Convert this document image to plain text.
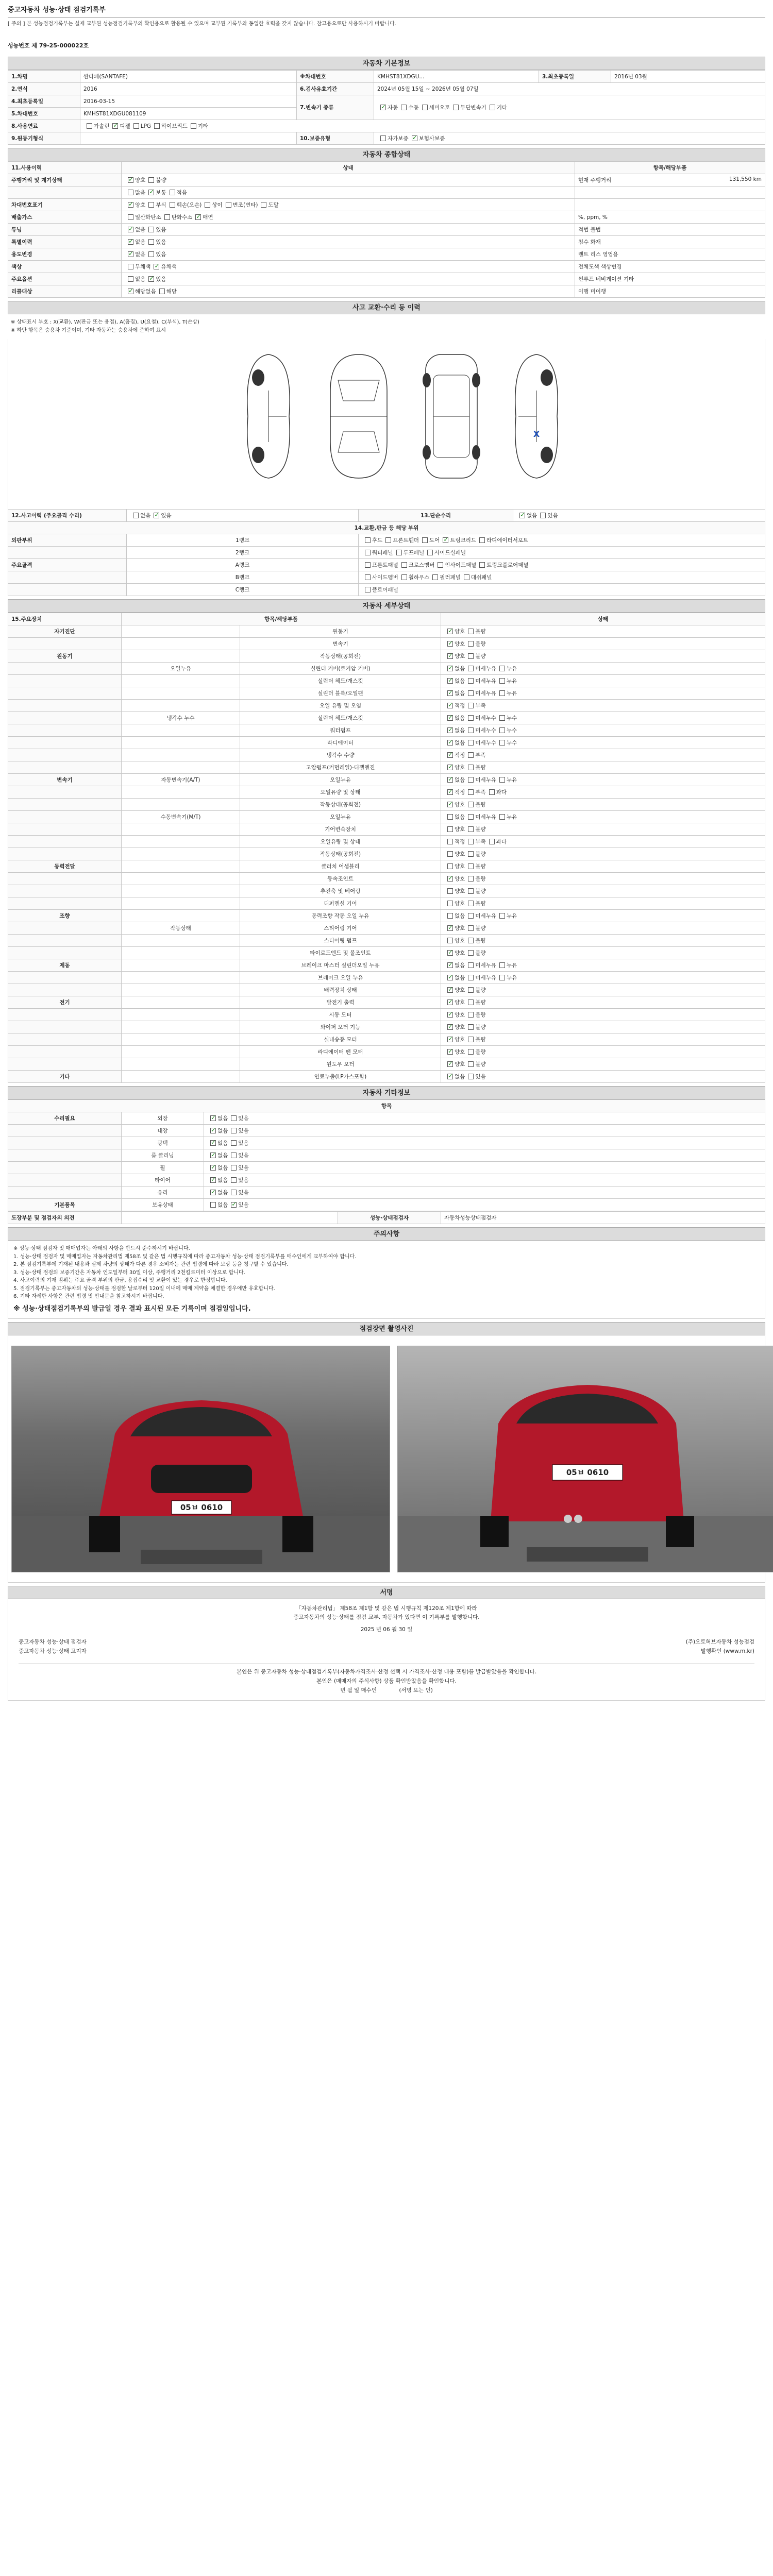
중고자동차 성능·상태 점검기록부
[ 주의 ] 본 성능점검기록부는 실제 교부된 성능점검기록부의 확인용으로 활용될 수 있으며 교부된 기록부와 동일한 효력을 갖지 않습니다. 참고용으로만 사용하시기 바랍니다.
성능번호 제 79-25-000022호
자동차 기본정보
1.차명	싼타페(SANTAFE)	※차대번호	KMHST81XDGU...	3.최초등록일	2016년 03월
2.연식	2016	6.검사유효기간	2024년 05월 15일 ~ 2026년 05월 07일		
4.최초등록일	2016-03-15	7.변속기 종류	✓자동 수동 세미오토 무단변속기 기타
5.차대번호	KMHST81XDGU081109				
8.사용연료	가솔린 ✓ 디젤 LPG 하이브리드 기타
9.원동기형식		10.보증유형	자가보증 ✓ 보험사보증
자동차 종합상태
11.사용이력	상태	항목/해당부품
주행거리 및 계기상태	✓양호 불량	현재 주행거리 131,550 km

	많음 ✓ 보통 적음	

차대번호표기	✓양호 부식 훼손(오손) 상이 변조(변타) 도말	

배출가스	일산화탄소 탄화수소 ✓ 매연	%, ppm, %

튜닝	✓없음 있음	적법 불법

특별이력	✓없음 있음	침수 화재

용도변경	✓없음 있음	렌트 리스 영업용

색상	무채색 ✓ 유채색	전체도색 색상변경

주요옵션	없음 ✓ 있음	썬루프 네비게이션 기타

리콜대상	✓해당없음 해당	이행 미이행
사고 교환·수리 등 이력
※ 상태표시 부호 : X(교환), W(판금 또는 용접), A(흠집), U(요철), C(부식), T(손상)
※ 하단 항목은 승용차 기준이며, 기타 자동차는 승용차에 준하여 표시
X
12.사고이력 (주요골격 수리)	없음 ✓ 있음	13.단순수리	✓없음 있음
14.교환,판금 등 해당 부위			
외판부위	1랭크	후드 프론트휀더 도어 ✓ 트렁크리드 라디에이터서포트
	2랭크	쿼터패널 루프패널 사이드실패널	
주요골격	A랭크	프론트패널 크로스멤버 인사이드패널 트렁크플로어패널	
	B랭크	사이드멤버 휠하우스 필러패널 대쉬패널	
	C랭크	플로어패널	
자동차 세부상태
15.주요장치	항목/해당부품		상태
자기진단		원동기	✓양호 불량
		변속기	✓양호 불량
원동기		작동상태(공회전)	✓양호 불량
	오일누유	실린더 커버(로커암 커버)	✓없음 미세누유 누유
		실린더 헤드/개스킷	✓없음 미세누유 누유
		실린더 블록/오일팬	✓없음 미세누유 누유
		오일 유량 및 오염	✓적정 부족
	냉각수 누수	실린더 헤드/개스킷	✓없음 미세누수 누수
		워터펌프	✓없음 미세누수 누수
		라디에이터	✓없음 미세누수 누수
		냉각수 수량	✓적정 부족
		고압펌프(커먼레일)-디젤엔진	✓양호 불량
변속기	자동변속기(A/T)	오일누유	✓없음 미세누유 누유
		오일유량 및 상태	✓적정 부족 과다
		작동상태(공회전)	✓양호 불량
	수동변속기(M/T)	오일누유	없음 미세누유 누유
		기어변속장치	양호 불량
		오일유량 및 상태	적정 부족 과다
		작동상태(공회전)	양호 불량
동력전달		클러치 어셈블리	양호 불량
		등속조인트	✓양호 불량
		추진축 및 베어링	양호 불량
		디퍼렌셜 기어	양호 불량
조향		동력조향 작동 오일 누유	없음 미세누유 누유
	작동상태	스티어링 기어	✓양호 불량
		스티어링 펌프	양호 불량
		타이로드엔드 및 볼조인트	✓양호 불량
제동		브레이크 마스터 실린더오일 누유	✓없음 미세누유 누유
		브레이크 오일 누유	✓없음 미세누유 누유
		배력장치 상태	✓양호 불량
전기		발전기 출력	✓양호 불량
		시동 모터	✓양호 불량
		와이퍼 모터 기능	✓양호 불량
		실내송풍 모터	✓양호 불량
		라디에이터 팬 모터	✓양호 불량
		윈도우 모터	✓양호 불량
기타		연료누출(LP가스포함)	✓없음 있음
자동차 기타정보
항목		
수리필요	외장	✓없음 있음
	내장	✓없음 있음
	광택	✓없음 있음
	룸 클리닝	✓없음 있음
	휠	✓없음 있음
	타이어	✓없음 있음
	유리	✓없음 있음
기본품목	보유상태	없음 ✓ 있음
도장부분 및 점검자의 의견		성능·상태점검자	자동차성능상태점검자
주의사항
※ 성능·상태 점검자 및 매매업자는 아래의 사항을 반드시 준수하시기 바랍니다.
1. 성능·상태 점검자 및 매매업자는 자동차관리법 제58조 및 같은 법 시행규칙에 따라 중고자동차 성능·상태 점검기록부를 매수인에게 교부하여야 합니다.
2. 본 점검기록부에 기재된 내용과 실제 차량의 상태가 다른 경우 소비자는 관련 법령에 따라 보상 등을 청구할 수 있습니다.
3. 성능·상태 점검의 보증기간은 자동차 인도일부터 30일 이상, 주행거리 2천킬로미터 이상으로 합니다.
4. 사고이력의 기재 범위는 주요 골격 부위의 판금, 용접수리 및 교환이 있는 경우로 한정합니다.
5. 점검기록부는 중고자동차의 성능·상태를 점검한 날로부터 120일 이내에 매매 계약을 체결한 경우에만 유효합니다.
6. 기타 자세한 사항은 관련 법령 및 안내문을 참고하시기 바랍니다.
※ 성능·상태점검기록부의 발급일 경우 결과 표시된 모든 기록이며 점검일입니다.
점검장면 촬영사진
05ㅂ 0610
05ㅂ 0610
서명
「자동차관리법」 제58조 제1항 및 같은 법 시행규칙 제120조 제1항에 따라
중고자동차의 성능·상태를 점검 교부, 자동차가 있다면 이 기록부를 발행합니다.
2025 년 06 월 30 일
중고자동차 성능·상태 점검자	(주)오토허브자동차 성능점검
중고자동차 성능·상태 고지자	발행확인 (www.m.kr)
본인은 위 중고자동차 성능·상태점검기록부(자동차가격조사·산정 선택 시 가격조사·산정 내용 포함)를 발급받았음을 확인합니다.
본인은 (매매자의 주식사항) 상품 확인받았음을 확인합니다.
년 월 일 매수인	(서명 또는 인)
